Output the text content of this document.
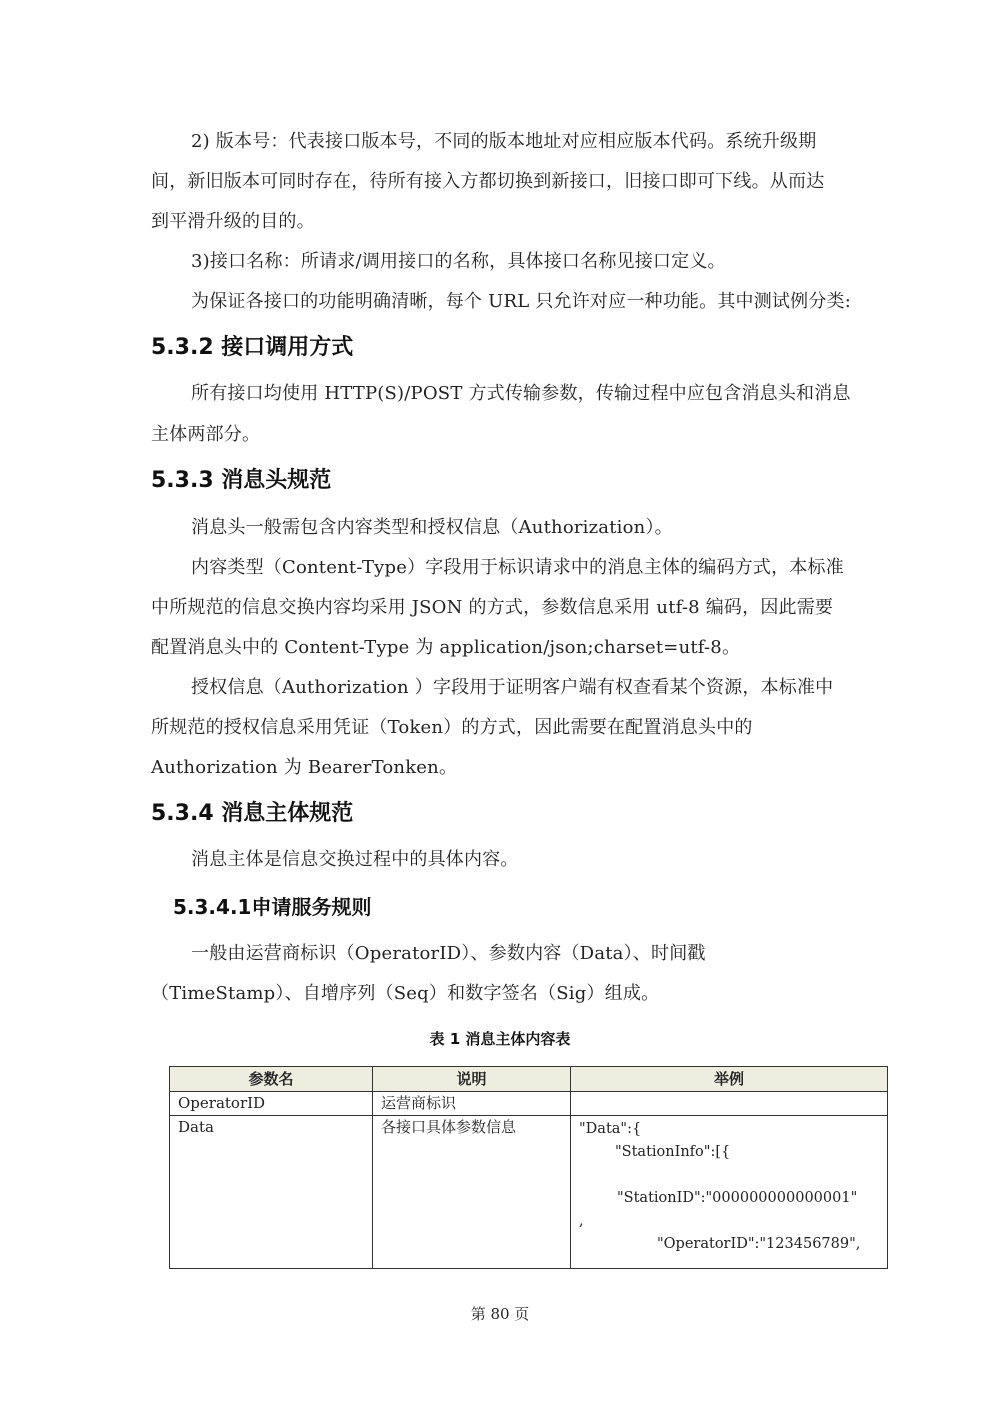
2) 版本号：代表接口版本号，不同的版本地址对应相应版本代码。系统升级期
间，新旧版本可同时存在，待所有接入方都切换到新接口，旧接口即可下线。从而达
到平滑升级的目的。
3)接口名称：所请求/调用接口的名称，具体接口名称见接口定义。
为保证各接口的功能明确清晰，每个 URL 只允许对应一种功能。其中测试例分类:
5.3.2 接口调用方式
所有接口均使用 HTTP(S)/POST 方式传输参数，传输过程中应包含消息头和消息
主体两部分。
5.3.3 消息头规范
消息头一般需包含内容类型和授权信息（Authorization）。
内容类型（Content-Type）字段用于标识请求中的消息主体的编码方式，本标准
中所规范的信息交换内容均采用 JSON 的方式，参数信息采用 utf-8 编码，因此需要
配置消息头中的 Content-Type 为 application/json;charset=utf-8。
授权信息（Authorization ）字段用于证明客户端有权查看某个资源，本标准中
所规范的授权信息采用凭证（Token）的方式，因此需要在配置消息头中的
Authorization 为 BearerTonken。
5.3.4 消息主体规范
消息主体是信息交换过程中的具体内容。
5.3.4.1申请服务规则
一般由运营商标识（OperatorID）、参数内容（Data）、时间戳
（TimeStamp）、自增序列（Seq）和数字签名（Sig）组成。
表 1 消息主体内容表
参数名	说明	举例
OperatorID	运营商标识	
Data	各接口具体参数信息	"Data":{
"StationInfo":[{
"StationID":"000000000000001"
,
"OperatorID":"123456789",
第 80 页
